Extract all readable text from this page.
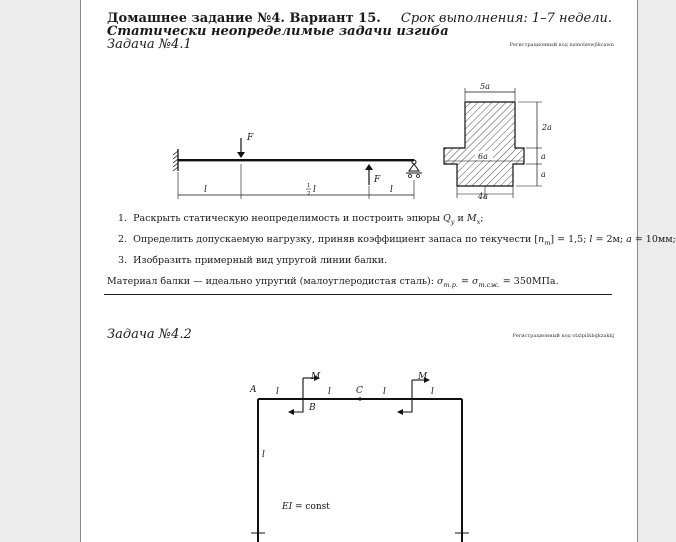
Домашнее задание №4. Вариант 15. Срок выполнения: 1–7 недели.
Статически неопределимые задачи изгиба
Задача №4.1	Регистрационный код nsinolzewjlkcawn
F
F
l	1
2 l	l
5a
2a
a
a
6a
4a
1. Раскрыть статическую неопределимость и построить эпюры $Q_y$ и $M_x$;
2. Определить допускаемую нагрузку, приняв коэффициент запаса по текучести $[n_т] = 1,5$; l = 2м; a = 10мм;
3. Изобразить примерный вид упругой линии балки.
Материал балки — идеально упругий (малоуглеродистая сталь): $\sigma_{т.р.} = \sigma_{т.сж.} = 350МПа$.
Задача №4.2	Регистрационный код otxlpiihbqkzakkj
A
B
C
M	M
l	l	l	l
l
EI = const
